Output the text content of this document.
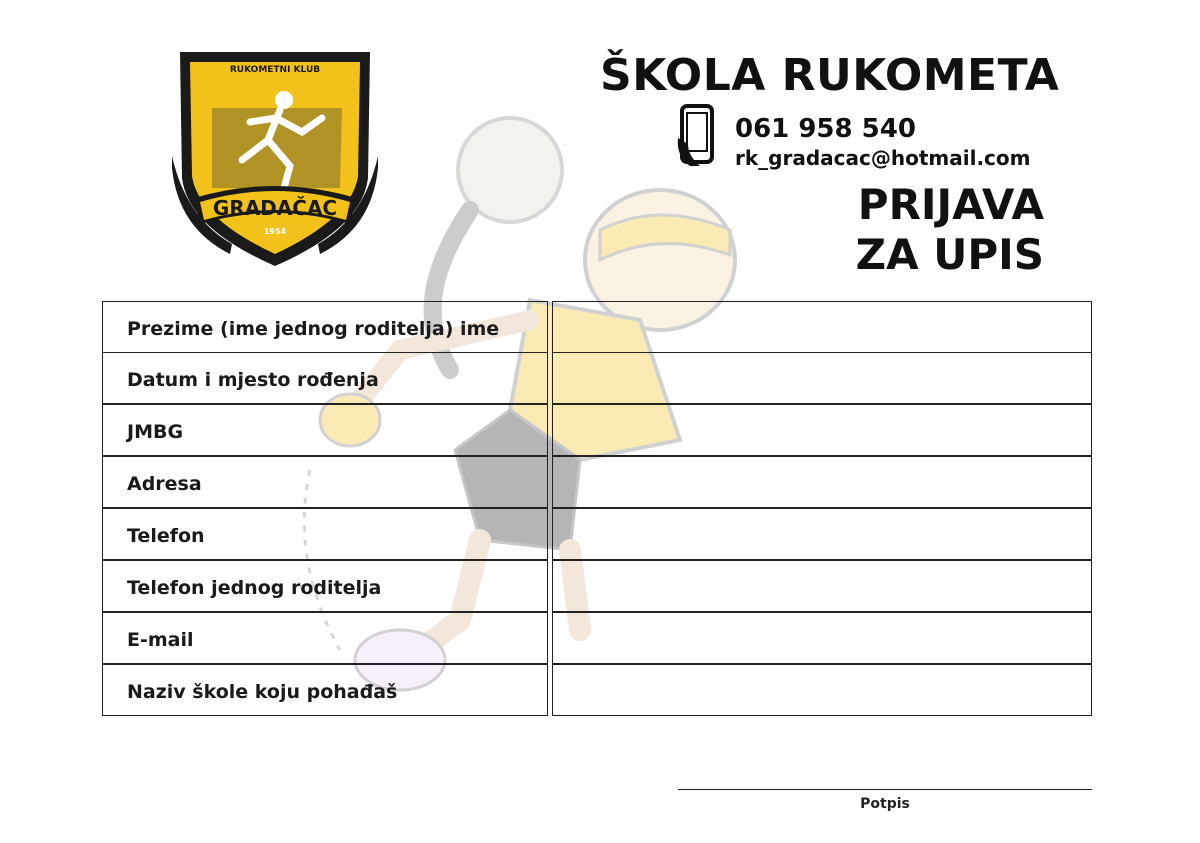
RUKOMETNI KLUB
GRADAČAC
1954
ŠKOLA RUKOMETA
061 958 540
rk_gradacac@hotmail.com
PRIJAVA
ZA UPIS
Prezime (ime jednog roditelja) ime
Datum i mjesto rođenja
JMBG
Adresa
Telefon
Telefon jednog roditelja
E-mail
Naziv škole koju pohađaš
Potpis
